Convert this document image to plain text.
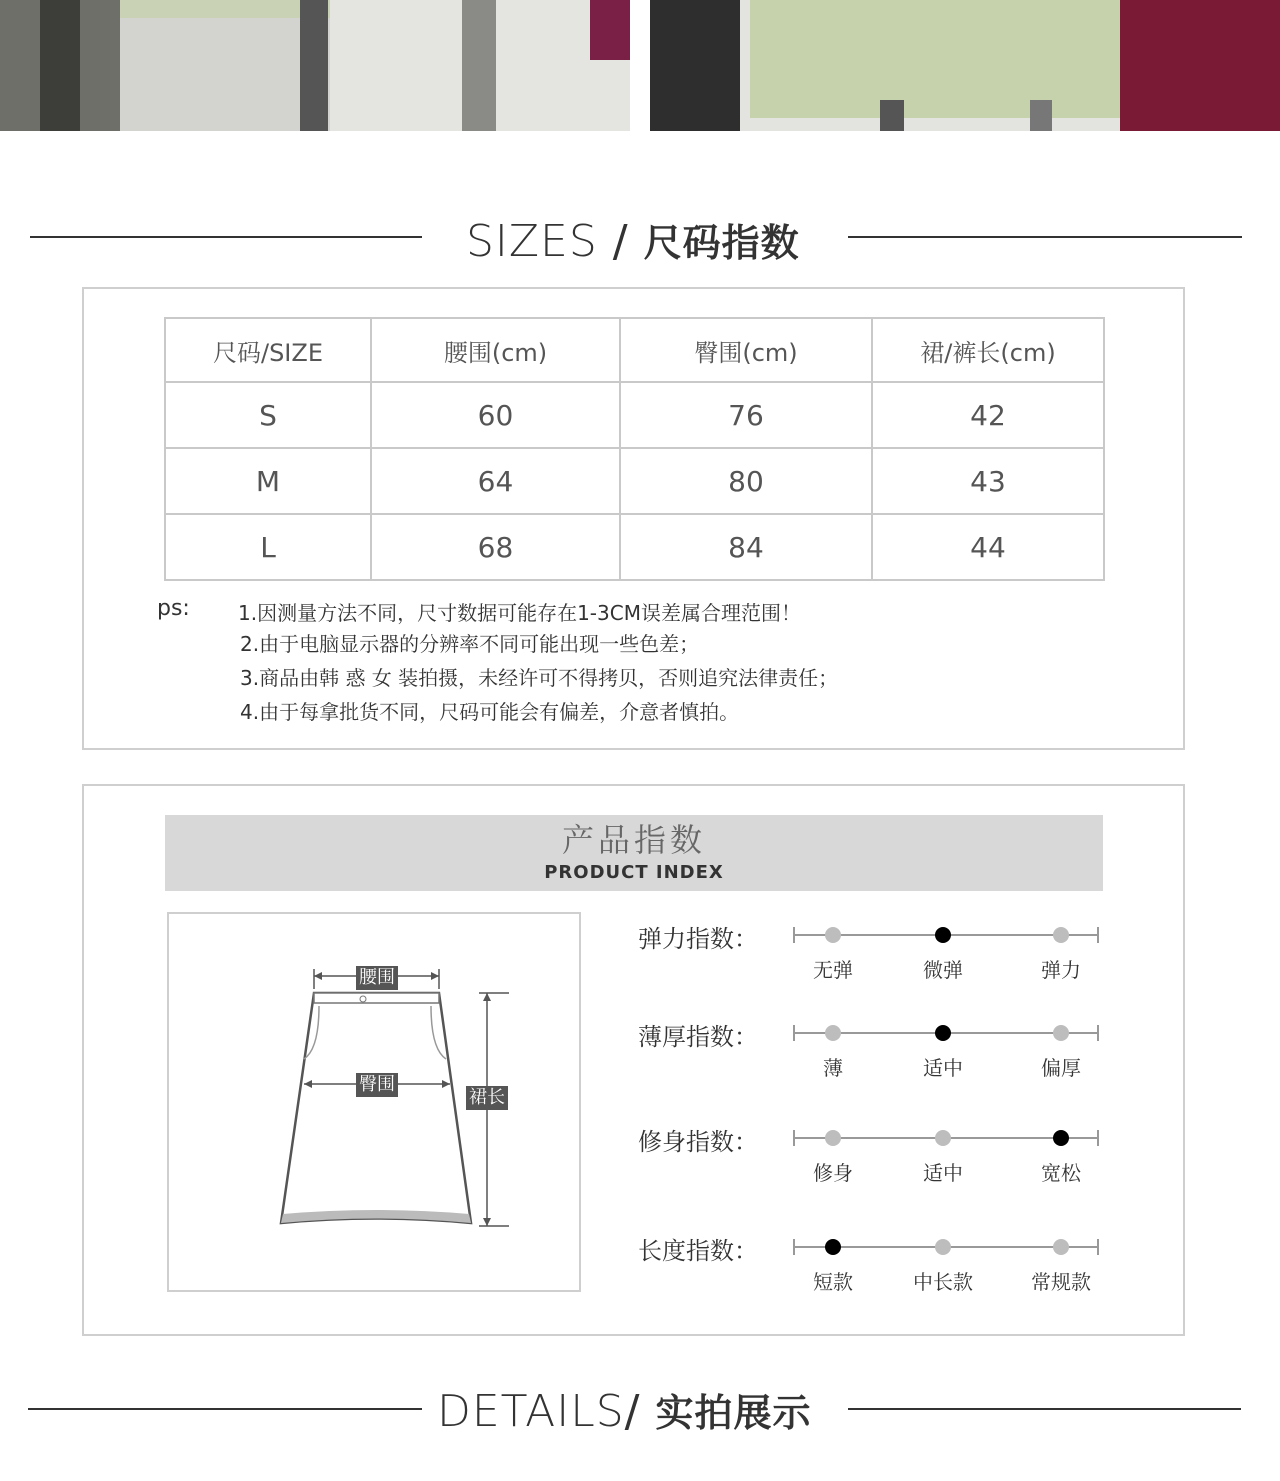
SIZES / 尺码指数
尺码/SIZE	腰围(cm)	臀围(cm)	裙/裤长(cm)
S	60	76	42
M	64	80	43
L	68	84	44
ps: 1.因测量方法不同，尺寸数据可能存在1-3CM误差属合理范围！
2.由于电脑显示器的分辨率不同可能出现一些色差；
3.商品由韩 惑 女 装拍摄，未经许可不得拷贝，否则追究法律责任；
4.由于每拿批货不同，尺码可能会有偏差，介意者慎拍。
产品指数
PRODUCT INDEX
腰围
臀围
裙长
弹力指数：
无弹	微弹	弹力
薄厚指数：
薄	适中	偏厚
修身指数：
修身	适中	宽松
长度指数：
短款	中长款	常规款
DETAILS/ 实拍展示
